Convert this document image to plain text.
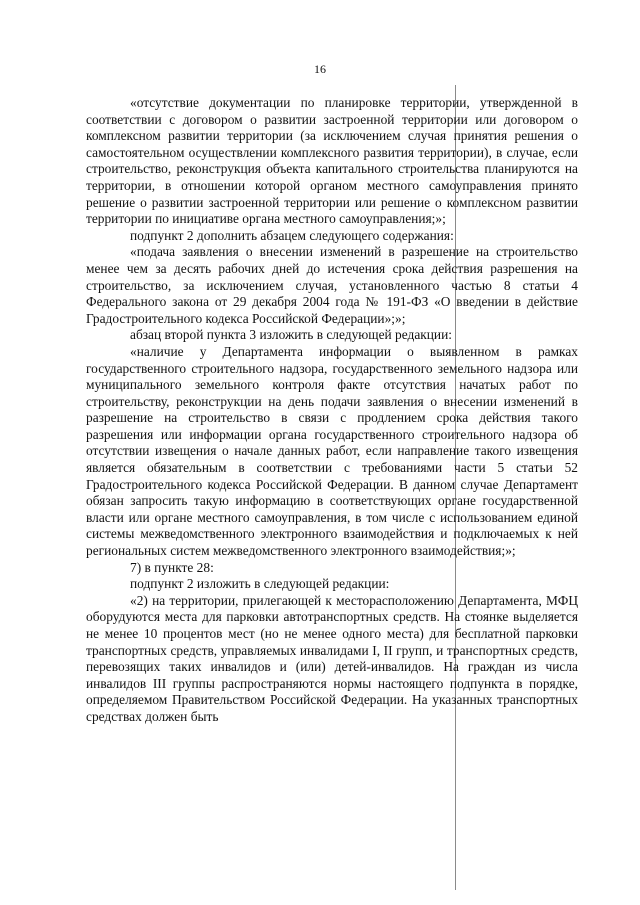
16

«отсутствие документации по планировке территории, утвержденной в соответствии с договором о развитии застроенной территории или договором о комплексном развитии территории (за исключением случая принятия решения о самостоятельном осуществлении комплексного развития территории), в случае, если строительство, реконструкция объекта капитального строительства планируются на территории, в отношении которой органом местного самоуправления принято решение о развитии застроенной территории или решение о комплексном развитии территории по инициативе органа местного самоуправления;»;

подпункт 2 дополнить абзацем следующего содержания:

«подача заявления о внесении изменений в разрешение на строительство менее чем за десять рабочих дней до истечения срока действия разрешения на строительство, за исключением случая, установленного частью 8 статьи 4 Федерального закона от 29 декабря 2004 года № 191-ФЗ «О введении в действие Градостроительного кодекса Российской Федерации»;»;

абзац второй пункта 3 изложить в следующей редакции:

«наличие у Департамента информации о выявленном в рамках государственного строительного надзора, государственного земельного надзора или муниципального земельного контроля факте отсутствия начатых работ по строительству, реконструкции на день подачи заявления о внесении изменений в разрешение на строительство в связи с продлением срока действия такого разрешения или информации органа государственного строительного надзора об отсутствии извещения о начале данных работ, если направление такого извещения является обязательным в соответствии с требованиями части 5 статьи 52 Градостроительного кодекса Российской Федерации. В данном случае Департамент обязан запросить такую информацию в соответствующих органе государственной власти или органе местного самоуправления, в том числе с использованием единой системы межведомственного электронного взаимодействия и подключаемых к ней региональных систем межведомственного электронного взаимодействия;»;

7) в пункте 28:

подпункт 2 изложить в следующей редакции:

«2) на территории, прилегающей к месторасположению Департамента, МФЦ оборудуются места для парковки автотранспортных средств. На стоянке выделяется не менее 10 процентов мест (но не менее одного места) для бесплатной парковки транспортных средств, управляемых инвалидами I, II групп, и транспортных средств, перевозящих таких инвалидов и (или) детей-инвалидов. На граждан из числа инвалидов III группы распространяются нормы настоящего подпункта в порядке, определяемом Правительством Российской Федерации. На указанных транспортных средствах должен быть
